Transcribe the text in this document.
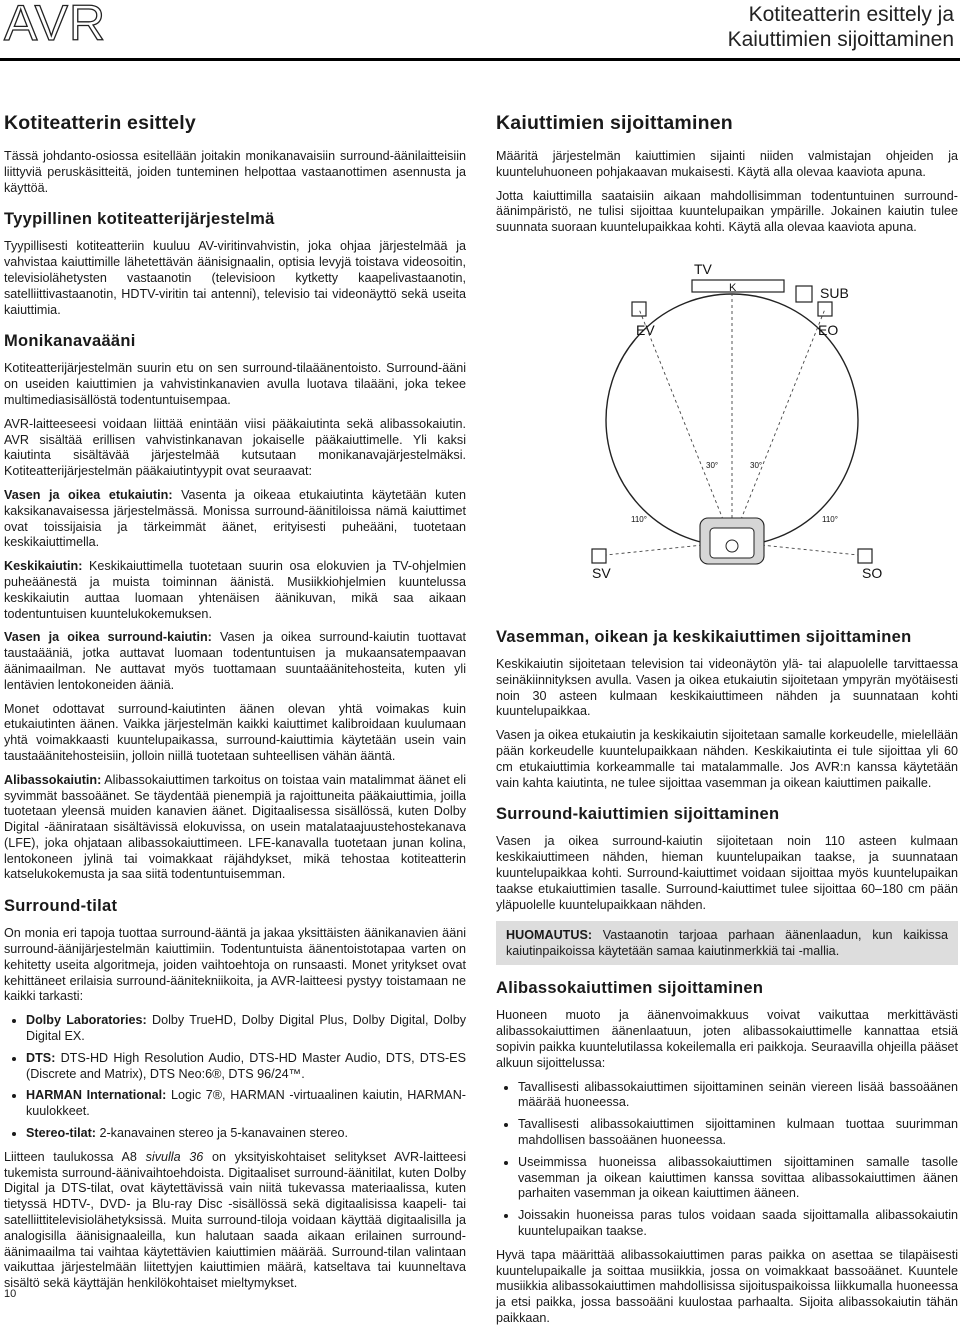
AVR	Kotiteatterin esittely ja
Kaiuttimien sijoittaminen
Kotiteatterin esittely

Tässä johdanto-osiossa esitellään joitakin monikanavaisiin surround-äänilaitteisiin liittyviä peruskäsitteitä, joiden tunteminen helpottaa vastaanottimen asennusta ja käyttöä.

Tyypillinen kotiteatterijärjestelmä

Tyypillisesti kotiteatteriin kuuluu AV-viritinvahvistin, joka ohjaa järjestelmää ja vahvistaa kaiuttimille lähetettävän äänisignaalin, optisia levyjä toistava videosoitin, televisiolähetysten vastaanotin (televisioon kytketty kaapelivastaanotin, satelliittivastaanotin, HDTV-viritin tai antenni), televisio tai videonäyttö sekä useita kaiuttimia.

Monikanavaääni

Kotiteatterijärjestelmän suurin etu on sen surround-tilaäänentoisto. Surround-ääni on useiden kaiuttimien ja vahvistinkanavien avulla luotava tilaääni, joka tekee multimediasisällöstä todentuntuisempaa.

AVR-laitteeseesi voidaan liittää enintään viisi pääkaiutinta sekä alibassokaiutin. AVR sisältää erillisen vahvistinkanavan jokaiselle pääkaiuttimelle. Yli kaksi kaiutinta sisältävää järjestelmää kutsutaan monikanavajärjestelmäksi. Kotiteatterijärjestelmän pääkaiutintyypit ovat seuraavat:

Vasen ja oikea etukaiutin: Vasenta ja oikeaa etukaiutinta käytetään kuten kaksikanavaisessa järjestelmässä. Monissa surround-äänitiloissa nämä kaiuttimet ovat toissijaisia ja tärkeimmät äänet, erityisesti puheääni, tuotetaan keskikaiuttimella.

Keskikaiutin: Keskikaiuttimella tuotetaan suurin osa elokuvien ja TV-ohjelmien puheäänestä ja muista toiminnan äänistä. Musiikkiohjelmien kuuntelussa keskikaiutin auttaa luomaan yhtenäisen äänikuvan, mikä saa aikaan todentuntuisen kuuntelukokemuksen.

Vasen ja oikea surround-kaiutin: Vasen ja oikea surround-kaiutin tuottavat taustaääniä, jotka auttavat luomaan todentuntuisen ja mukaansatempaavan äänimaailman. Ne auttavat myös tuottamaan suuntaäänitehosteita, kuten yli lentävien lentokoneiden ääniä.

Monet odottavat surround-kaiutinten äänen olevan yhtä voimakas kuin etukaiutinten äänen. Vaikka järjestelmän kaikki kaiuttimet kalibroidaan kuulumaan yhtä voimakkaasti kuuntelupaikassa, surround-kaiuttimia käytetään usein vain taustaäänitehosteisiin, jolloin niillä tuotetaan suhteellisen vähän ääntä.

Alibassokaiutin: Alibassokaiuttimen tarkoitus on toistaa vain matalimmat äänet eli syvimmät bassoäänet. Se täydentää pienempiä ja rajoittuneita pääkaiuttimia, joilla tuotetaan yleensä muiden kanavien äänet. Digitaalisessa sisällössä, kuten Dolby Digital -äänirataan sisältävissä elokuvissa, on usein matalataajuustehostekanava (LFE), joka ohjataan alibassokaiuttimeen. LFE-kanavalla tuotetaan junan kolina, lentokoneen jylinä tai voimakkaat räjähdykset, mikä tehostaa kotiteatterin katselukokemusta ja saa siitä todentuntuisemman.

Surround-tilat

On monia eri tapoja tuottaa surround-ääntä ja jakaa yksittäisten äänikanavien ääni surround-äänijärjestelmän kaiuttimiin. Todentuntuista äänentoistotapaa varten on kehitetty useita algoritmeja, joiden vaihtoehtoja on runsaasti. Monet yritykset ovat kehittäneet erilaisia surround-äänitekniikoita, ja AVR-laitteesi pystyy toistamaan ne kaikki tarkasti:

• Dolby Laboratories: Dolby TrueHD, Dolby Digital Plus, Dolby Digital, Dolby Digital EX.
• DTS: DTS-HD High Resolution Audio, DTS-HD Master Audio, DTS, DTS-ES (Discrete and Matrix), DTS Neo:6®, DTS 96/24™.
• HARMAN International: Logic 7®, HARMAN -virtuaalinen kaiutin, HARMAN-kuulokkeet.
• Stereo-tilat: 2-kanavainen stereo ja 5-kanavainen stereo.

Liitteen taulukossa A8 sivulla 36 on yksityiskohtaiset selitykset AVR-laitteesi tukemista surround-äänivaihtoehdoista. Digitaaliset surround-äänitilat, kuten Dolby Digital ja DTS-tilat, ovat käytettävissä vain niitä tukevassa materiaalissa, kuten tietyssä HDTV-, DVD- ja Blu-ray Disc -sisällössä sekä digitaalisissa kaapeli- tai satelliittitelevisiolähetyksissä. Muita surround-tiloja voidaan käyttää digitaalisilla ja analogisilla äänisignaaleilla, kun halutaan saada aikaan erilainen surround-äänimaailma tai vaihtaa käytettävien kaiuttimien määrää. Surround-tilan valintaan vaikuttaa järjestelmään liitettyjen kaiuttimien määrä, katseltava tai kuunneltava sisältö sekä käyttäjän henkilökohtaiset mieltymykset.

Kaiuttimien sijoittaminen

Määritä järjestelmän kaiuttimien sijainti niiden valmistajan ohjeiden ja kuunteluhuoneen pohjakaavan mukaisesti. Käytä alla olevaa kaaviota apuna.

Jotta kaiuttimilla saataisiin aikaan mahdollisimman todentuntuinen surround-äänimpäristö, ne tulisi sijoittaa kuuntelupaikan ympärille. Jokainen kaiutin tulee suunnata suoraan kuuntelupaikkaa kohti. Käytä alla olevaa kaaviota apuna.

TV
K
EV	EO
SUB
30°	30°
110°	110°
SV	SO
Vasemman, oikean ja keskikaiuttimen sijoittaminen

Keskikaiutin sijoitetaan television tai videonäytön ylä- tai alapuolelle tarvittaessa seinäkiinnityksen avulla. Vasen ja oikea etukaiutin sijoitetaan ympyrän myötäisesti noin 30 asteen kulmaan keskikaiuttimeen nähden ja suunnataan kohti kuuntelupaikkaa.

Vasen ja oikea etukaiutin ja keskikaiutin sijoitetaan samalle korkeudelle, mielellään pään korkeudelle kuuntelupaikkaan nähden. Keskikaiutinta ei tule sijoittaa yli 60 cm etukaiuttimia korkeammalle tai matalammalle. Jos AVR:n kanssa käytetään vain kahta kaiutinta, ne tulee sijoittaa vasemman ja oikean kaiuttimen paikalle.

Surround-kaiuttimien sijoittaminen

Vasen ja oikea surround-kaiutin sijoitetaan noin 110 asteen kulmaan keskikaiuttimeen nähden, hieman kuuntelupaikan taakse, ja suunnataan kuuntelupaikkaa kohti. Surround-kaiuttimet voidaan sijoittaa myös kuuntelupaikan taakse etukaiuttimien tasalle. Surround-kaiuttimet tulee sijoittaa 60–180 cm pään yläpuolelle kuuntelupaikkaan nähden.

HUOMAUTUS: Vastaanotin tarjoaa parhaan äänenlaadun, kun kaikissa kaiutinpaikoissa käytetään samaa kaiutinmerkkiä tai -mallia.
Alibassokaiuttimen sijoittaminen

Huoneen muoto ja äänenvoimakkuus voivat vaikuttaa merkittävästi alibassokaiuttimen äänenlaatuun, joten alibassokaiuttimelle kannattaa etsiä sopivin paikka kuuntelutilassa kokeilemalla eri paikkoja. Seuraavilla ohjeilla pääset alkuun sijoittelussa:

• Tavallisesti alibassokaiuttimen sijoittaminen seinän viereen lisää bassoäänen määrää huoneessa.
• Tavallisesti alibassokaiuttimen sijoittaminen kulmaan tuottaa suurimman mahdollisen bassoäänen huoneessa.
• Useimmissa huoneissa alibassokaiuttimen sijoittaminen samalle tasolle vasemman ja oikean kaiuttimen kanssa sovittaa alibassokaiuttimen äänen parhaiten vasemman ja oikean kaiuttimen ääneen.
• Joissakin huoneissa paras tulos voidaan saada sijoittamalla alibassokaiutin kuuntelupaikan taakse.

Hyvä tapa määrittää alibassokaiuttimen paras paikka on asettaa se tilapäisesti kuuntelupaikalle ja soittaa musiikkia, jossa on voimakkaat bassoäänet. Kuuntele musiikkia alibassokaiuttimen mahdollisissa sijoituspaikoissa liikkumalla huoneessa ja etsi paikka, jossa bassoääni kuulostaa parhaalta. Sijoita alibassokaiutin tähän paikkaan.

10
